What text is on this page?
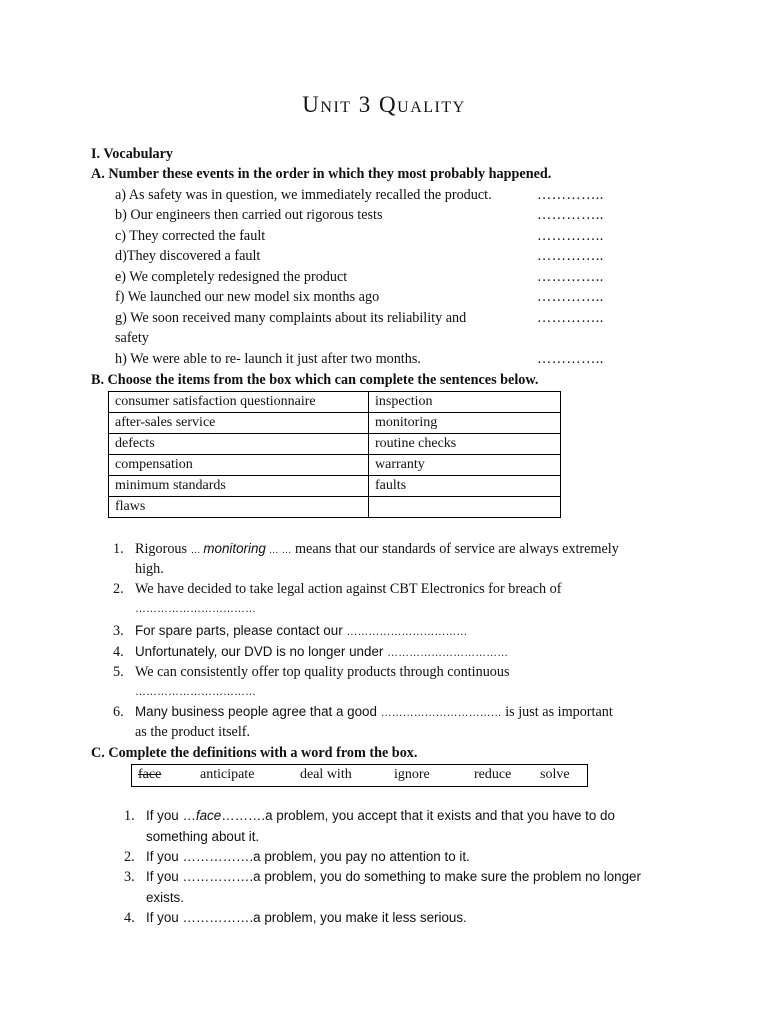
Unit 3 Quality
I. Vocabulary
A. Number these events in the order in which they most probably happened.
a) As safety was in question, we immediately recalled the product.	…………..
b) Our engineers then carried out rigorous tests	…………..
c) They corrected the fault	…………..
d)They discovered a fault	…………..
e) We completely redesigned the product	…………..
f) We launched our new model six months ago	…………..
g) We soon received many complaints about its reliability and	…………..
safety
h) We were able to re- launch it just after two months.	…………..
B. Choose the items from the box which can complete the sentences below.
consumer satisfaction questionnaire	inspection
after-sales service	monitoring
defects	routine checks
compensation	warranty
minimum standards	faults
flaws	
1. Rigorous … monitoring … … means that our standards of service are always extremely
high.
2. We have decided to take legal action against CBT Electronics for breach of
……………………………
3. For spare parts, please contact our ……………………………
4. Unfortunately, our DVD is no longer under ……………………………
5. We can consistently offer top quality products through continuous
……………………………
6. Many business people agree that a good …………………………… is just as important
as the product itself.
C. Complete the definitions with a word from the box.
face	anticipate	deal with	ignore	reduce solve
1. If you …face……….a problem, you accept that it exists and that you have to do
something about it.
2. If you …………….a problem, you pay no attention to it.
3. If you …………….a problem, you do something to make sure the problem no longer
exists.
4. If you …………….a problem, you make it less serious.
